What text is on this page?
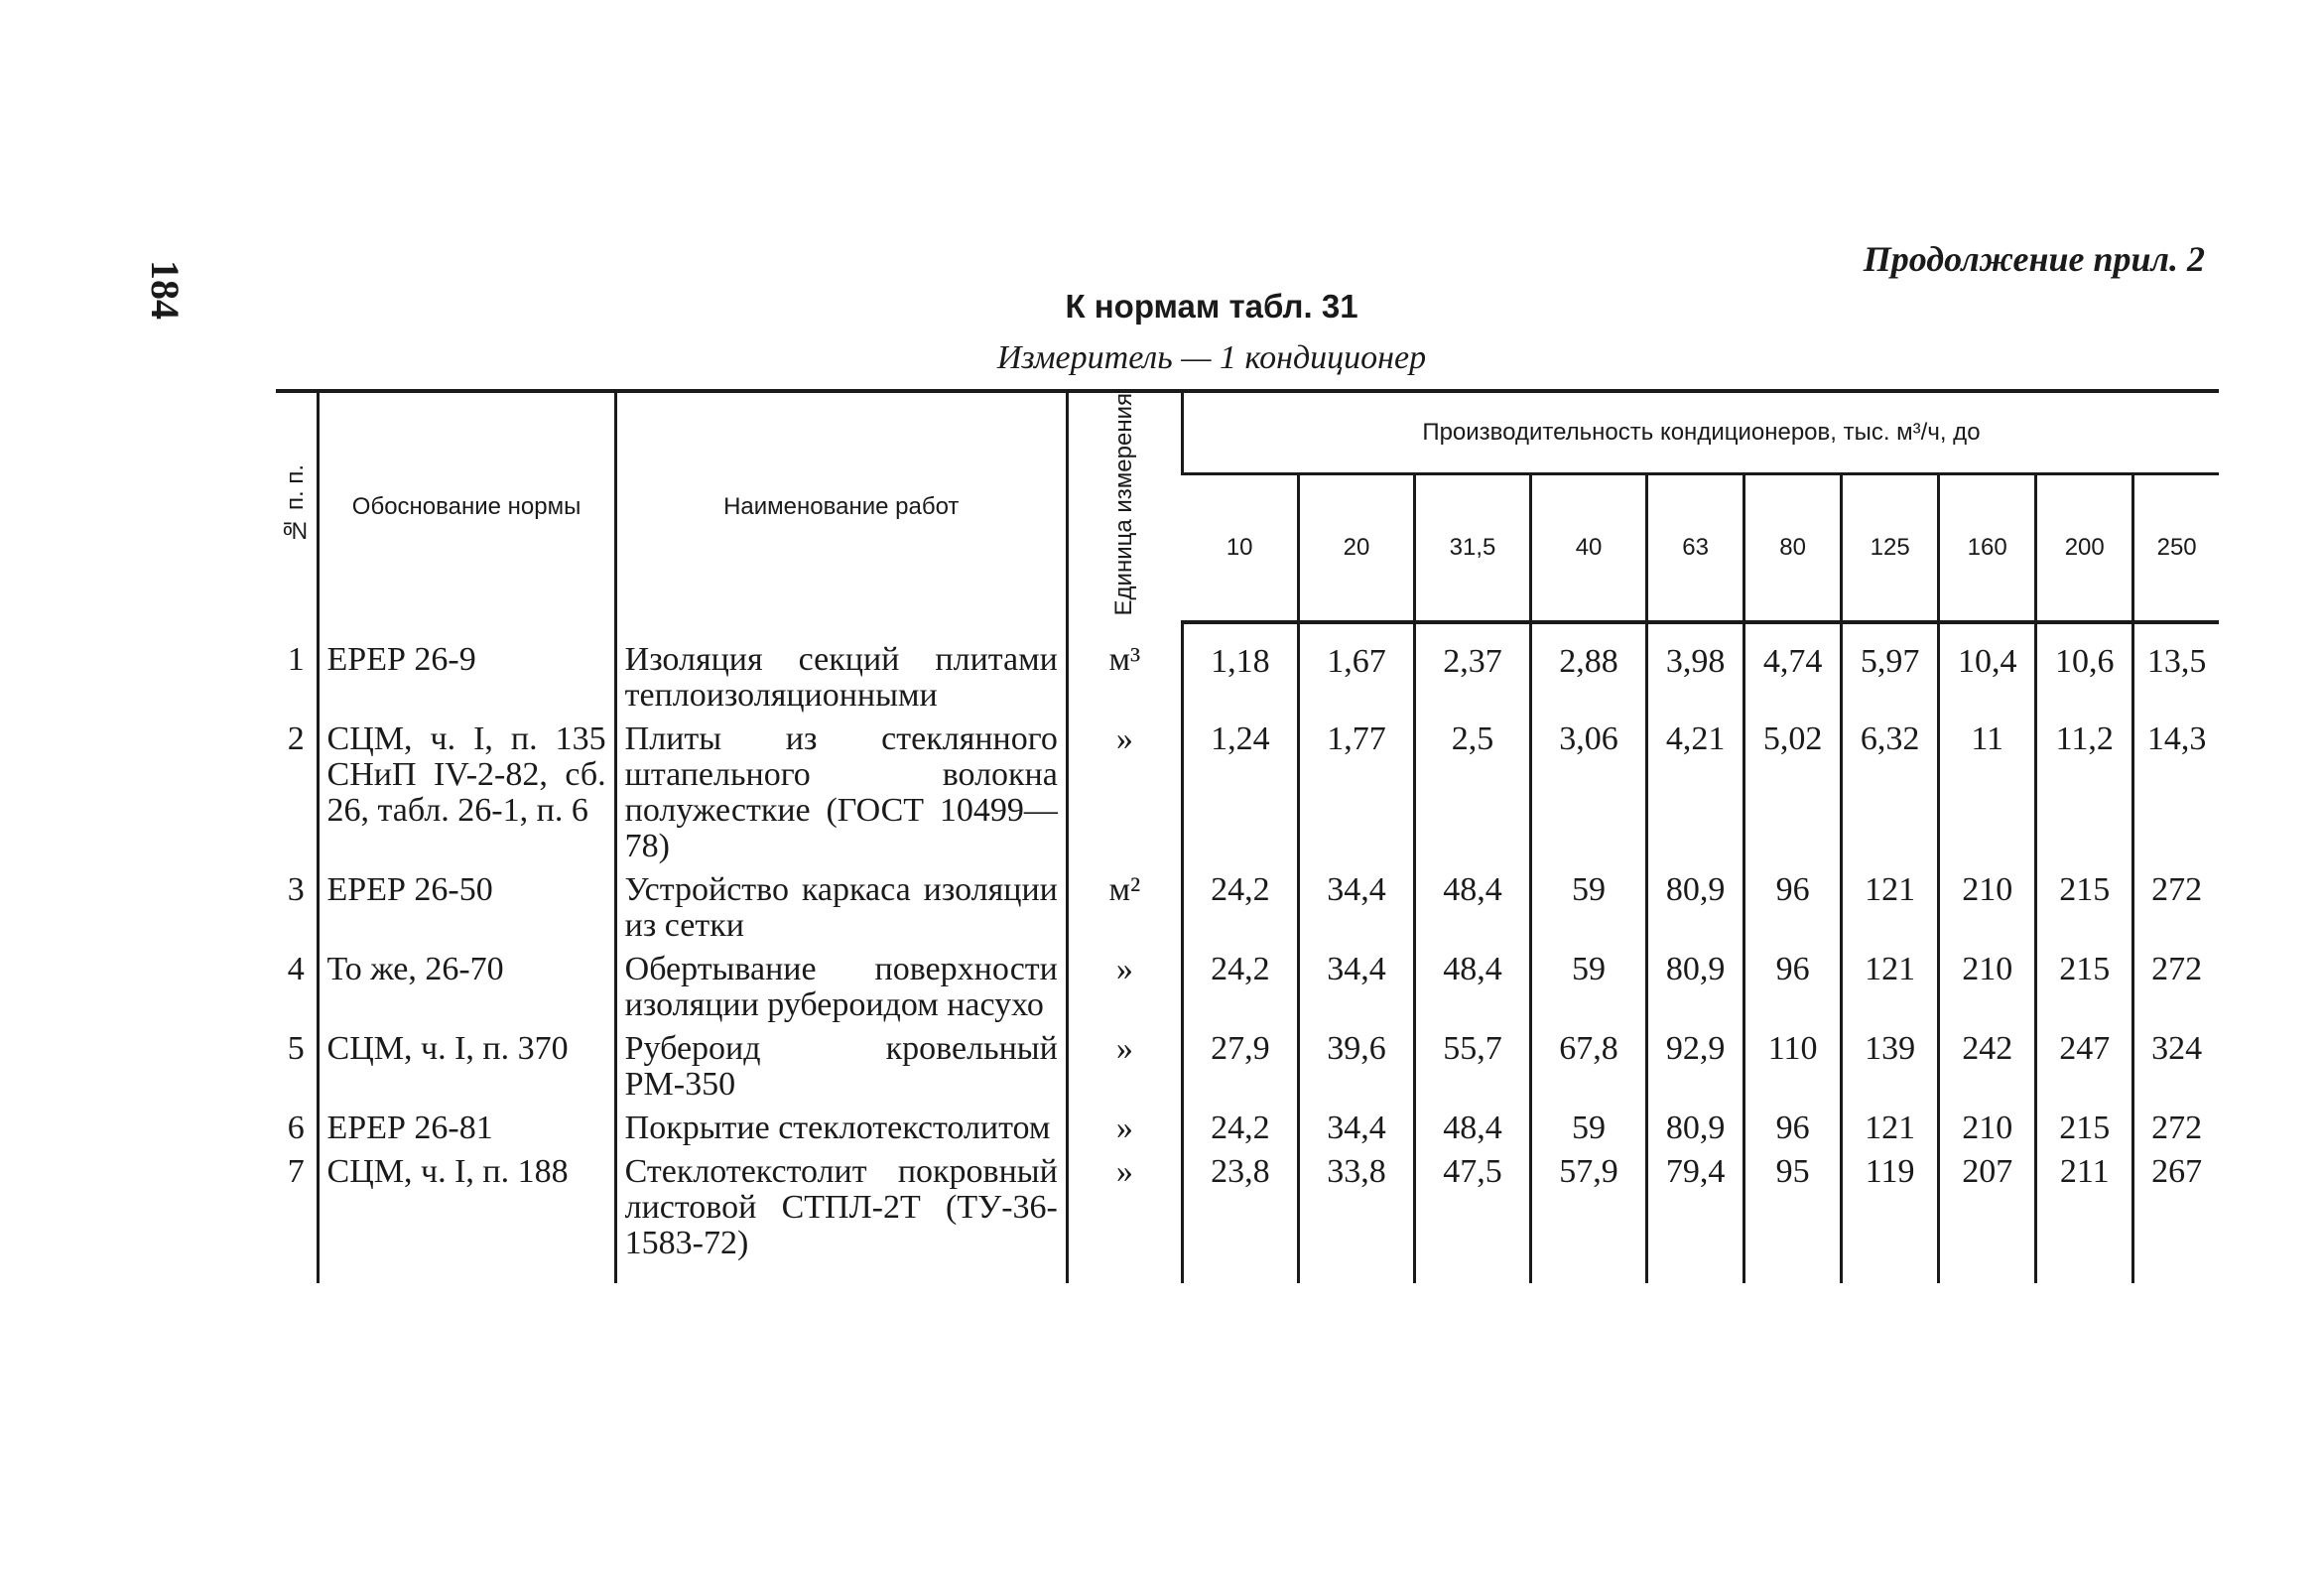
184
Продолжение прил. 2
К нормам табл. 31
Измеритель — 1 кондиционер
№ п. п.	Обоснование нормы	Наименование работ	Единица измерения	Производительность кондиционеров, тыс. м³/ч, до									
				10	20	31,5	40	63	80	125	160	200	250
1	ЕРЕР 26-9	Изоляция секций плитами теплоизоляционными	м³	1,18	1,67	2,37	2,88	3,98	4,74	5,97	10,4	10,6	13,5
2	СЦМ, ч. I, п. 135 СНиП IV-2-82, сб. 26, табл. 26-1, п. 6	Плиты из стеклянного штапельного волокна полужесткие (ГОСТ 10499—78)	»	1,24	1,77	2,5	3,06	4,21	5,02	6,32	11	11,2	14,3
3	ЕРЕР 26-50	Устройство каркаса изоляции из сетки	м²	24,2	34,4	48,4	59	80,9	96	121	210	215	272
4	То же, 26-70	Обертывание поверхности изоляции рубероидом насухо	»	24,2	34,4	48,4	59	80,9	96	121	210	215	272
5	СЦМ, ч. I, п. 370	Рубероид кровельный РМ-350	»	27,9	39,6	55,7	67,8	92,9	110	139	242	247	324
6	ЕРЕР 26-81	Покрытие стеклотекстолитом	»	24,2	34,4	48,4	59	80,9	96	121	210	215	272
7	СЦМ, ч. I, п. 188	Стеклотекстолит покровный листовой СТПЛ-2Т (ТУ-36-1583-72)	»	23,8	33,8	47,5	57,9	79,4	95	119	207	211	267
